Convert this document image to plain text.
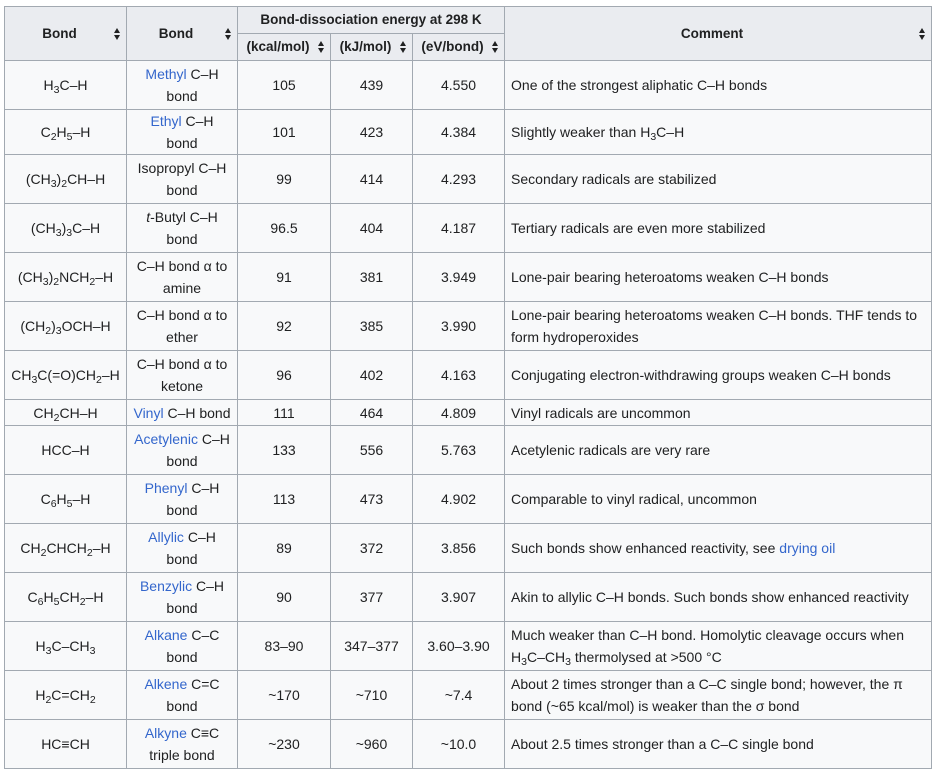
Bond	Bond	Bond-dissociation energy at 298 K			Comment

		(kcal/mol)	(kJ/mol)	(eV/bond)	

$H_3C-H$	Methyl C–H bond	105	439	4.550	One of the strongest aliphatic C–H bonds
$C_2H_5-H$	Ethyl C–H bond	101	423	4.384	Slightly weaker than $H_3C-H$
$(CH_3)_2CH-H$	Isopropyl C–H bond	99	414	4.293	Secondary radicals are stabilized
$(CH_3)_3C-H$	t-Butyl C–H bond	96.5	404	4.187	Tertiary radicals are even more stabilized
$(CH_3)_2NCH_2-H$	C–H bond α to amine	91	381	3.949	Lone-pair bearing heteroatoms weaken C–H bonds
$(CH_2)_3OCH-H$	C–H bond α to ether	92	385	3.990	Lone-pair bearing heteroatoms weaken C–H bonds. THF tends to form hydroperoxides
$CH_3C(=O)CH_2-H$	C–H bond α to ketone	96	402	4.163	Conjugating electron-withdrawing groups weaken C–H bonds
$CH_2CH-H$	Vinyl C–H bond	111	464	4.809	Vinyl radicals are uncommon
HCC–H	Acetylenic C–H bond	133	556	5.763	Acetylenic radicals are very rare
$C_6H_5-H$	Phenyl C–H bond	113	473	4.902	Comparable to vinyl radical, uncommon
$CH_2CHCH_2-H$	Allylic C–H bond	89	372	3.856	Such bonds show enhanced reactivity, see drying oil
$C_6H_5CH_2-H$	Benzylic C–H bond	90	377	3.907	Akin to allylic C–H bonds. Such bonds show enhanced reactivity
$H_3C-CH_3$	Alkane C–C bond	83–90	347–377	3.60–3.90	Much weaker than C–H bond. Homolytic cleavage occurs when $H_3C-CH_3$ thermolysed at >500 °C
$H_2C=CH_2$	Alkene C=C bond	~170	~710	~7.4	About 2 times stronger than a C–C single bond; however, the π bond (~65 kcal/mol) is weaker than the σ bond
HC≡CH	Alkyne C≡C triple bond	~230	~960	~10.0	About 2.5 times stronger than a C–C single bond
